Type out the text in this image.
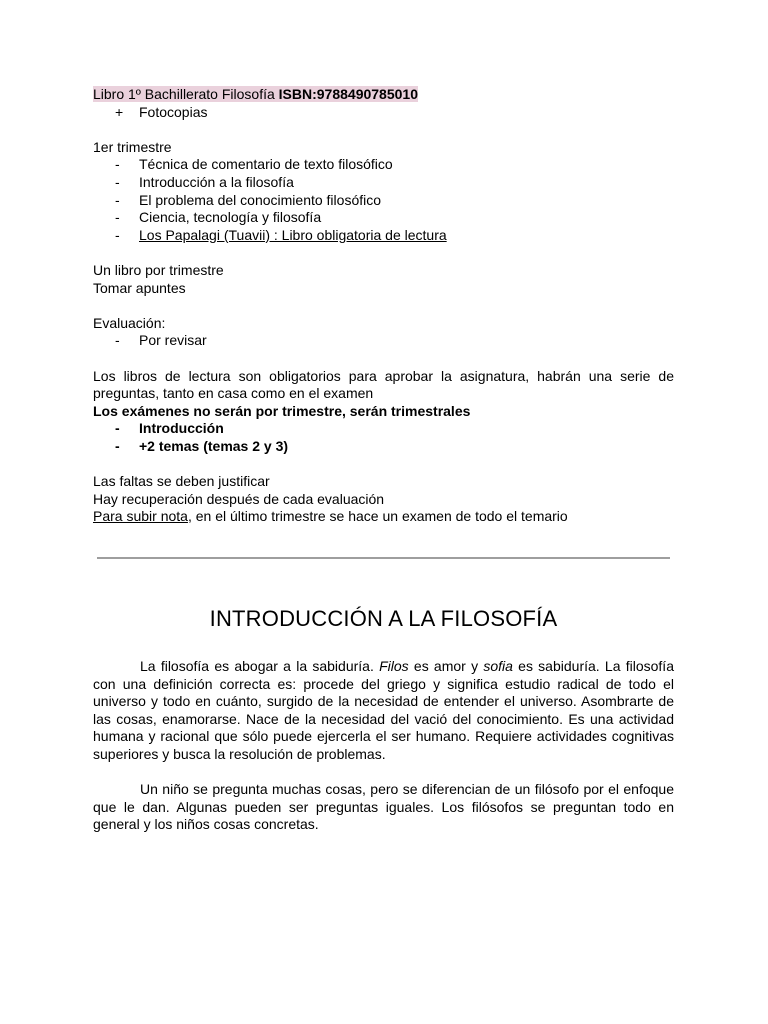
Libro 1º Bachillerato Filosofía ISBN:9788490785010

+ Fotocopias

1er trimestre

- Técnica de comentario de texto filosófico
- Introducción a la filosofía
- El problema del conocimiento filosófico
- Ciencia, tecnología y filosofía
- Los Papalagi (Tuavii) : Libro obligatoria de lectura

Un libro por trimestre

Tomar apuntes

Evaluación:

- Por revisar

Los libros de lectura son obligatorios para aprobar la asignatura, habrán una serie de

preguntas, tanto en casa como en el examen

Los exámenes no serán por trimestre, serán trimestrales

- Introducción
- +2 temas (temas 2 y 3)

Las faltas se deben justificar

Hay recuperación después de cada evaluación

Para subir nota, en el último trimestre se hace un examen de todo el temario

INTRODUCCIÓN A LA FILOSOFÍA

La filosofía es abogar a la sabiduría. Filos es amor y sofia es sabiduría. La filosofía con una definición correcta es: procede del griego y significa estudio radical de todo el universo y todo en cuánto, surgido de la necesidad de entender el universo. Asombrarte de las cosas, enamorarse. Nace de la necesidad del vació del conocimiento. Es una actividad humana y racional que sólo puede ejercerla el ser humano. Requiere actividades cognitivas superiores y busca la resolución de problemas.

Un niño se pregunta muchas cosas, pero se diferencian de un filósofo por el enfoque que le dan. Algunas pueden ser preguntas iguales. Los filósofos se preguntan todo en general y los niños cosas concretas.
